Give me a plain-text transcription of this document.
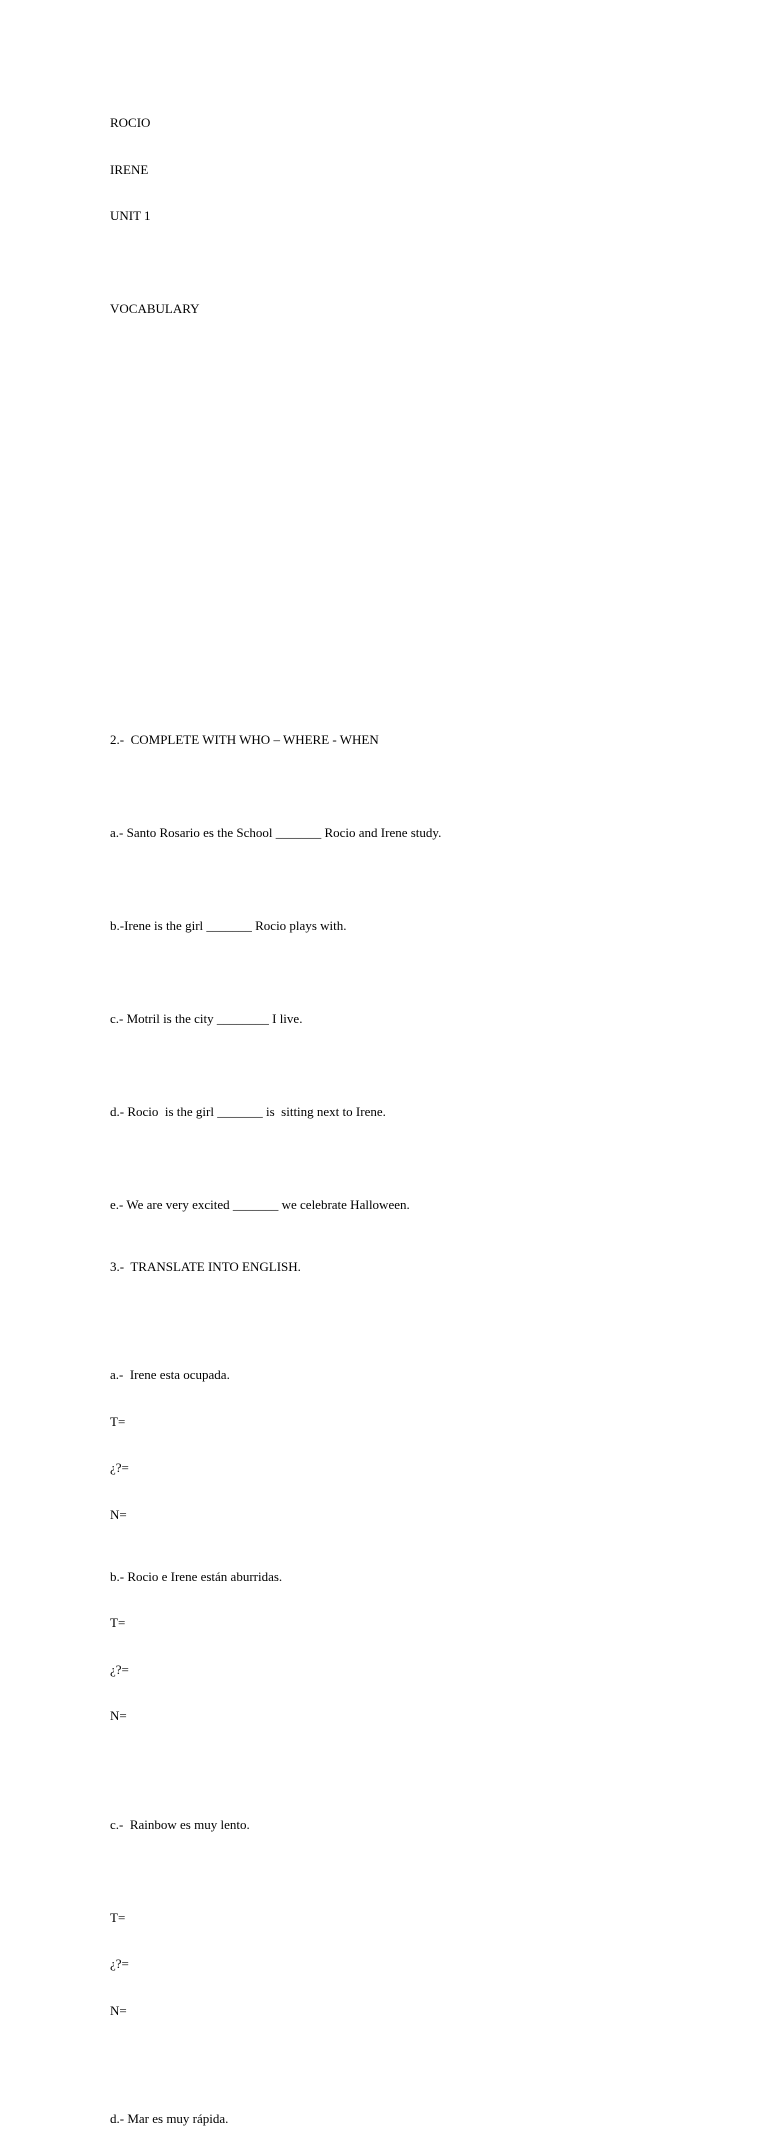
ROCIO

IRENE

UNIT 1

VOCABULARY

2.-  COMPLETE WITH WHO – WHERE - WHEN

a.- Santo Rosario es the School _______ Rocio and Irene study.

b.-Irene is the girl _______ Rocio plays with.

c.- Motril is the city ________ I live.

d.- Rocio  is the girl _______ is  sitting next to Irene.

e.- We are very excited _______ we celebrate Halloween.

3.-  TRANSLATE INTO ENGLISH.

a.-  Irene esta ocupada.

T=

¿?=

N=

b.- Rocio e Irene están aburridas.

T=

¿?=

N=

c.-  Rainbow es muy lento.

T=

¿?=

N=

d.- Mar es muy rápida.
